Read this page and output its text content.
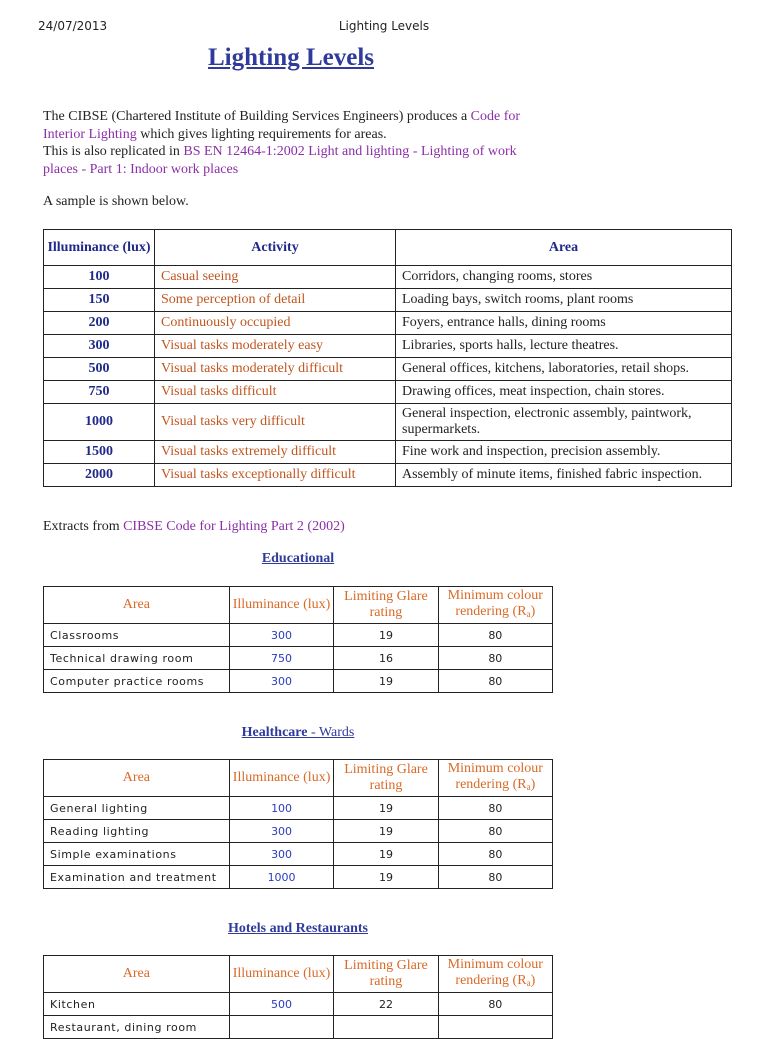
24/07/2013	Lighting Levels
Lighting Levels
The CIBSE (Chartered Institute of Building Services Engineers) produces a Code for Interior Lighting which gives lighting requirements for areas.
This is also replicated in BS EN 12464-1:2002 Light and lighting - Lighting of work places - Part 1: Indoor work places
A sample is shown below.
Illuminance (lux)	Activity	Area
100	Casual seeing	Corridors, changing rooms, stores
150	Some perception of detail	Loading bays, switch rooms, plant rooms
200	Continuously occupied	Foyers, entrance halls, dining rooms
300	Visual tasks moderately easy	Libraries, sports halls, lecture theatres.
500	Visual tasks moderately difficult	General offices, kitchens, laboratories, retail shops.
750	Visual tasks difficult	Drawing offices, meat inspection, chain stores.
1000	Visual tasks very difficult	General inspection, electronic assembly, paintwork, supermarkets.
1500	Visual tasks extremely difficult	Fine work and inspection, precision assembly.
2000	Visual tasks exceptionally difficult	Assembly of minute items, finished fabric inspection.
Extracts from CIBSE Code for Lighting Part 2 (2002)
Educational
Area	Illuminance (lux)	Limiting Glare rating	Minimum colour rendering (Ra)
Classrooms	300	19	80
Technical drawing room	750	16	80
Computer practice rooms	300	19	80
Healthcare - Wards
Area	Illuminance (lux)	Limiting Glare rating	Minimum colour rendering (Ra)
General lighting	100	19	80
Reading lighting	300	19	80
Simple examinations	300	19	80
Examination and treatment	1000	19	80
Hotels and Restaurants
Area	Illuminance (lux)	Limiting Glare rating	Minimum colour rendering (Ra)
Kitchen	500	22	80
Restaurant, dining room			
